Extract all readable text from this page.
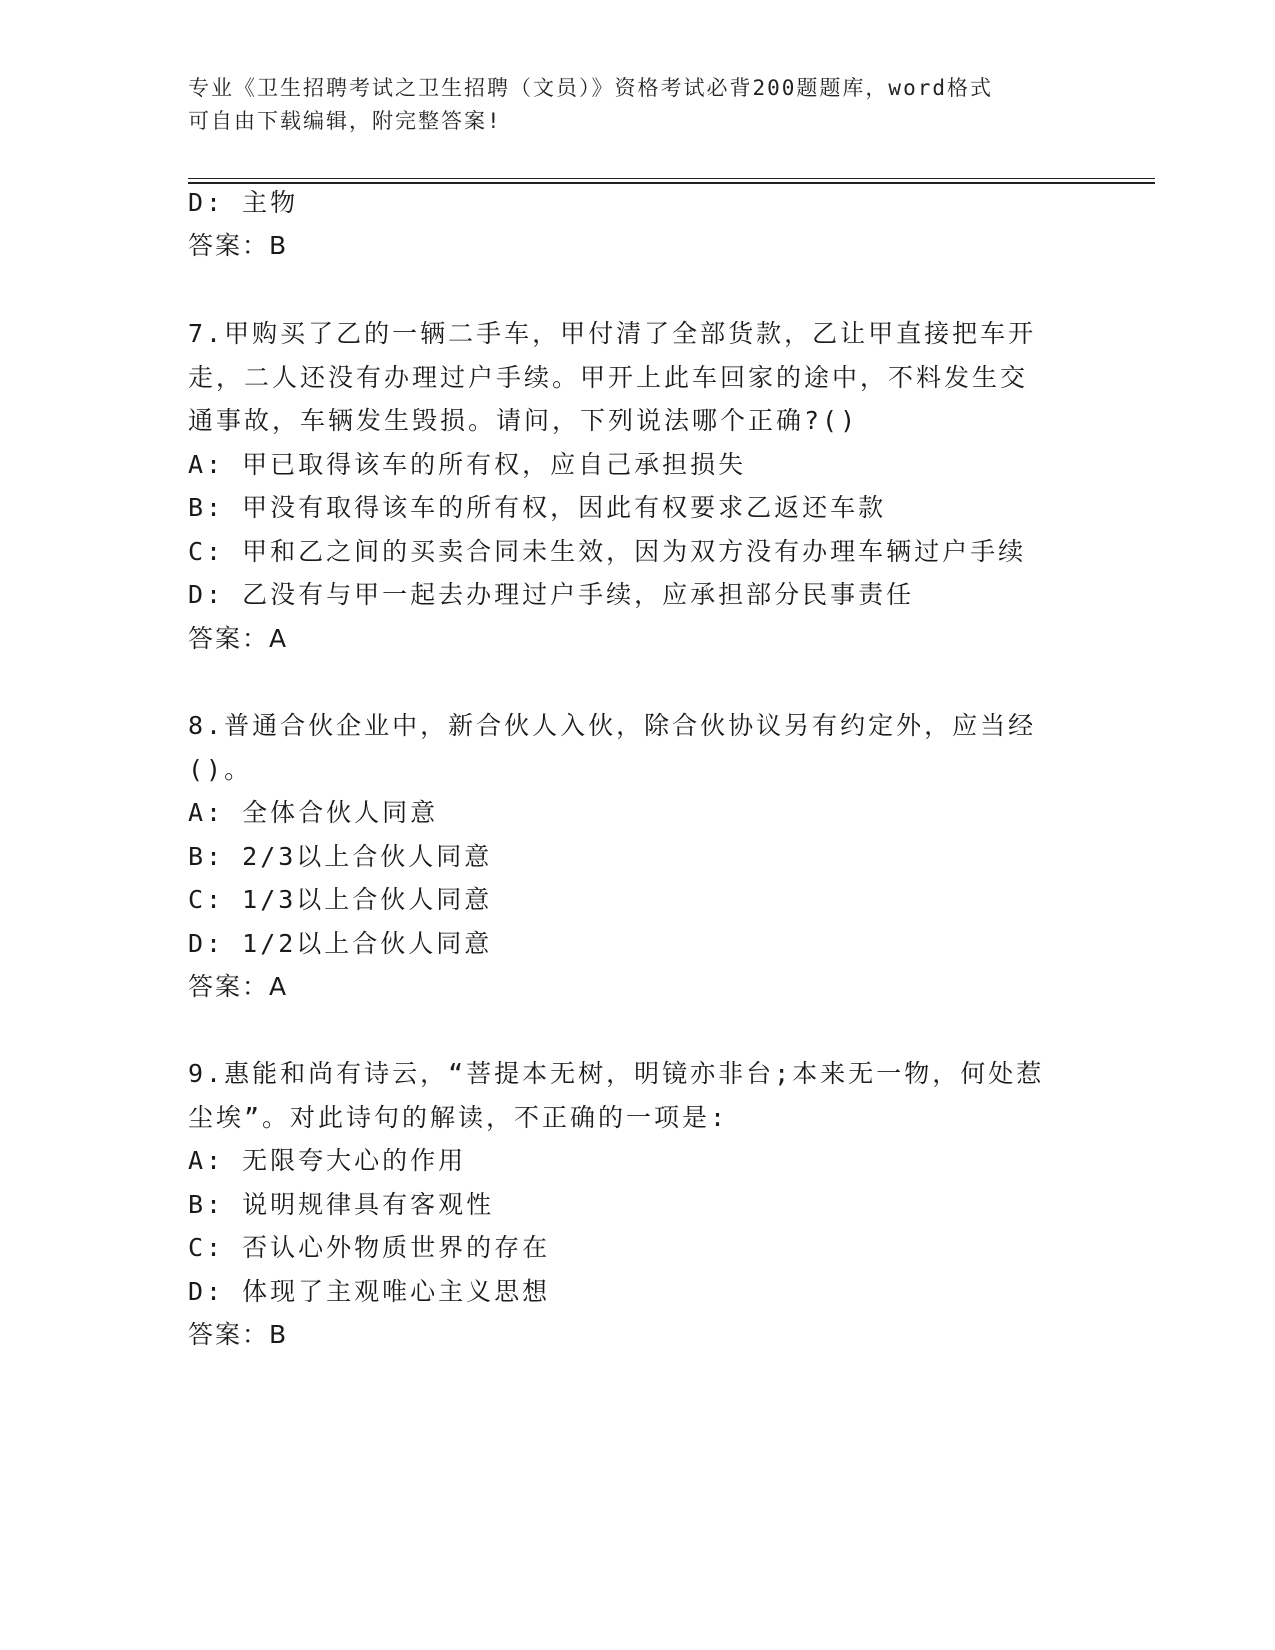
专业《卫生招聘考试之卫生招聘（文员）》资格考试必背200题题库，word格式
可自由下载编辑，附完整答案!
D: 主物
答案：B
7.甲购买了乙的一辆二手车，甲付清了全部货款，乙让甲直接把车开
走，二人还没有办理过户手续。甲开上此车回家的途中，不料发生交
通事故，车辆发生毁损。请问，下列说法哪个正确?()
A: 甲已取得该车的所有权，应自己承担损失
B: 甲没有取得该车的所有权，因此有权要求乙返还车款
C: 甲和乙之间的买卖合同未生效，因为双方没有办理车辆过户手续
D: 乙没有与甲一起去办理过户手续，应承担部分民事责任
答案：A
8.普通合伙企业中，新合伙人入伙，除合伙协议另有约定外，应当经
()。
A: 全体合伙人同意
B: 2/3以上合伙人同意
C: 1/3以上合伙人同意
D: 1/2以上合伙人同意
答案：A
9.惠能和尚有诗云，“菩提本无树，明镜亦非台;本来无一物，何处惹
尘埃”。对此诗句的解读，不正确的一项是:
A: 无限夸大心的作用
B: 说明规律具有客观性
C: 否认心外物质世界的存在
D: 体现了主观唯心主义思想
答案：B
